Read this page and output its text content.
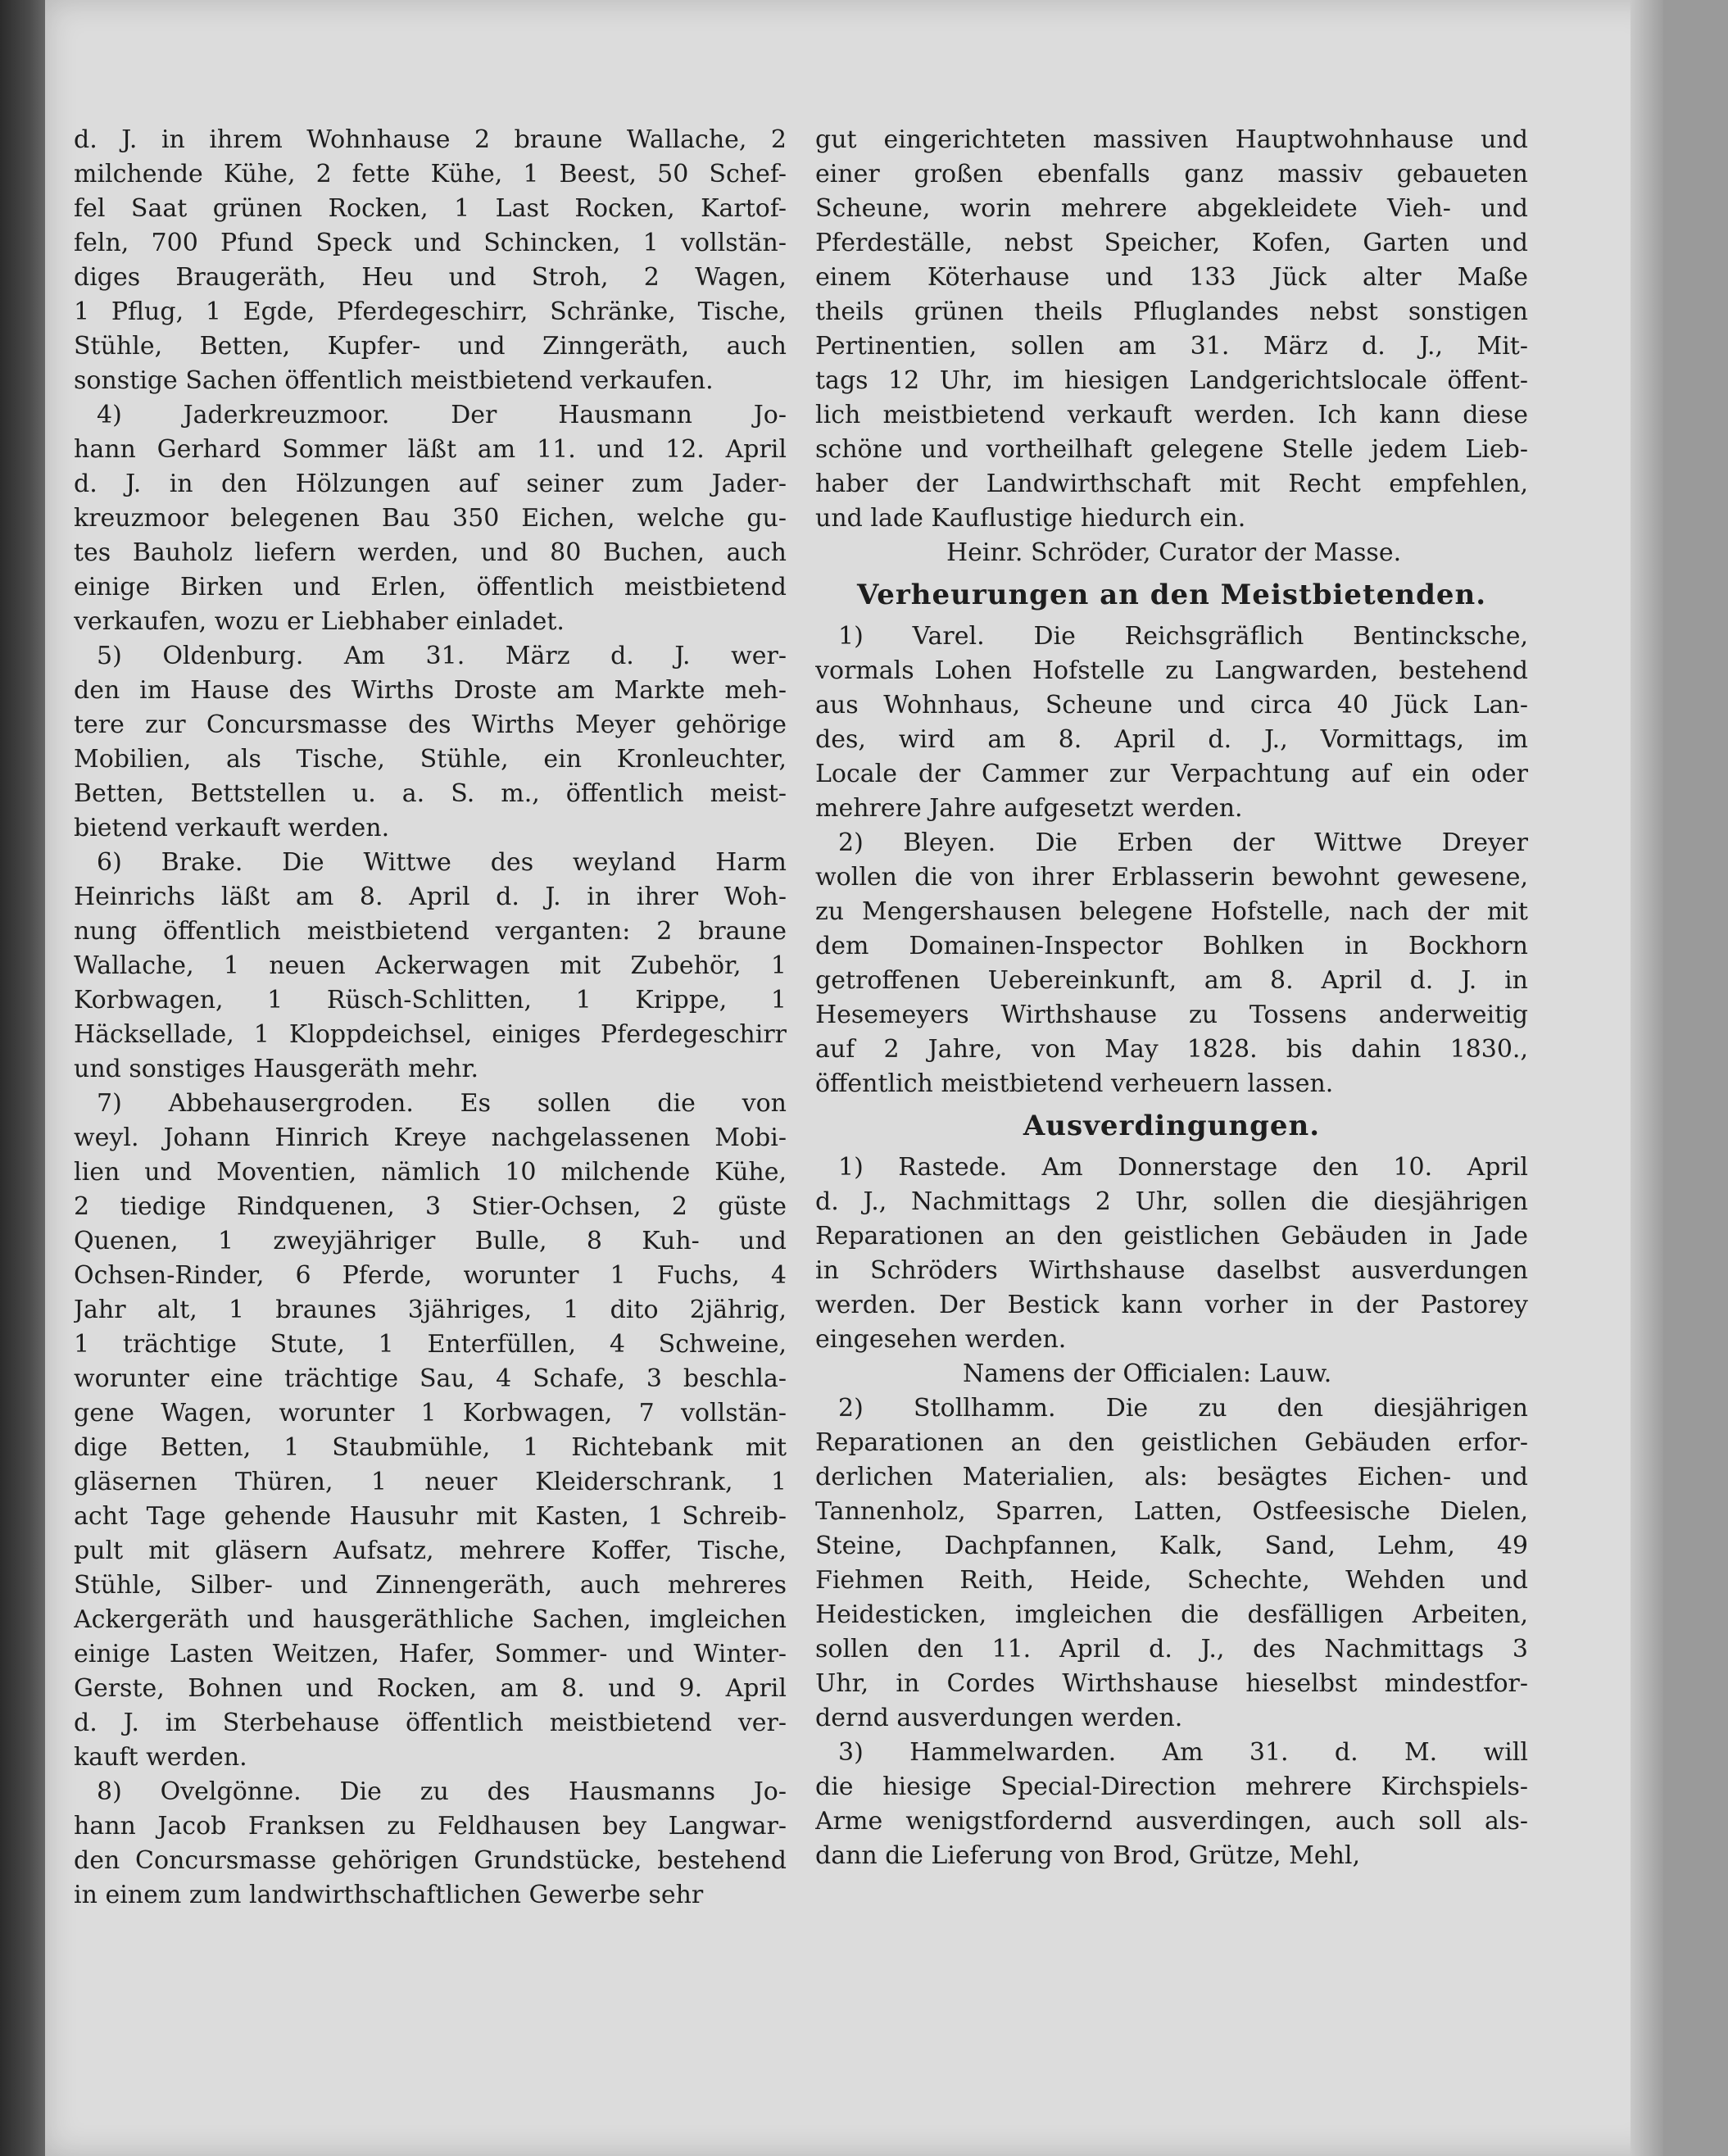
d. J. in ihrem Wohnhause 2 braune Wallache, 2
milchende Kühe, 2 fette Kühe, 1 Beest, 50 Schef-
fel Saat grünen Rocken, 1 Last Rocken, Kartof-
feln, 700 Pfund Speck und Schincken, 1 vollstän-
diges Braugeräth, Heu und Stroh, 2 Wagen,
1 Pflug, 1 Egde, Pferdegeschirr, Schränke, Tische,
Stühle, Betten, Kupfer- und Zinngeräth, auch
sonstige Sachen öffentlich meistbietend verkaufen.
4) Jaderkreuzmoor. Der Hausmann Jo-
hann Gerhard Sommer läßt am 11. und 12. April
d. J. in den Hölzungen auf seiner zum Jader-
kreuzmoor belegenen Bau 350 Eichen, welche gu-
tes Bauholz liefern werden, und 80 Buchen, auch
einige Birken und Erlen, öffentlich meistbietend
verkaufen, wozu er Liebhaber einladet.
5) Oldenburg. Am 31. März d. J. wer-
den im Hause des Wirths Droste am Markte meh-
tere zur Concursmasse des Wirths Meyer gehörige
Mobilien, als Tische, Stühle, ein Kronleuchter,
Betten, Bettstellen u. a. S. m., öffentlich meist-
bietend verkauft werden.
6) Brake. Die Wittwe des weyland Harm
Heinrichs läßt am 8. April d. J. in ihrer Woh-
nung öffentlich meistbietend verganten: 2 braune
Wallache, 1 neuen Ackerwagen mit Zubehör, 1
Korbwagen, 1 Rüsch-Schlitten, 1 Krippe, 1
Häcksellade, 1 Kloppdeichsel, einiges Pferdegeschirr
und sonstiges Hausgeräth mehr.
7) Abbehausergroden. Es sollen die von
weyl. Johann Hinrich Kreye nachgelassenen Mobi-
lien und Moventien, nämlich 10 milchende Kühe,
2 tiedige Rindquenen, 3 Stier-Ochsen, 2 güste
Quenen, 1 zweyjähriger Bulle, 8 Kuh- und
Ochsen-Rinder, 6 Pferde, worunter 1 Fuchs, 4
Jahr alt, 1 braunes 3jähriges, 1 dito 2jährig,
1 trächtige Stute, 1 Enterfüllen, 4 Schweine,
worunter eine trächtige Sau, 4 Schafe, 3 beschla-
gene Wagen, worunter 1 Korbwagen, 7 vollstän-
dige Betten, 1 Staubmühle, 1 Richtebank mit
gläsernen Thüren, 1 neuer Kleiderschrank, 1
acht Tage gehende Hausuhr mit Kasten, 1 Schreib-
pult mit gläsern Aufsatz, mehrere Koffer, Tische,
Stühle, Silber- und Zinnengeräth, auch mehreres
Ackergeräth und hausgeräthliche Sachen, imgleichen
einige Lasten Weitzen, Hafer, Sommer- und Winter-
Gerste, Bohnen und Rocken, am 8. und 9. April
d. J. im Sterbehause öffentlich meistbietend ver-
kauft werden.
8) Ovelgönne. Die zu des Hausmanns Jo-
hann Jacob Franksen zu Feldhausen bey Langwar-
den Concursmasse gehörigen Grundstücke, bestehend
in einem zum landwirthschaftlichen Gewerbe sehr
gut eingerichteten massiven Hauptwohnhause und
einer großen ebenfalls ganz massiv gebaueten
Scheune, worin mehrere abgekleidete Vieh- und
Pferdeställe, nebst Speicher, Kofen, Garten und
einem Köterhause und 133 Jück alter Maße
theils grünen theils Pfluglandes nebst sonstigen
Pertinentien, sollen am 31. März d. J., Mit-
tags 12 Uhr, im hiesigen Landgerichtslocale öffent-
lich meistbietend verkauft werden. Ich kann diese
schöne und vortheilhaft gelegene Stelle jedem Lieb-
haber der Landwirthschaft mit Recht empfehlen,
und lade Kauflustige hiedurch ein.
Heinr. Schröder, Curator der Masse.
Verheurungen an den Meistbietenden.
1) Varel. Die Reichsgräflich Bentincksche,
vormals Lohen Hofstelle zu Langwarden, bestehend
aus Wohnhaus, Scheune und circa 40 Jück Lan-
des, wird am 8. April d. J., Vormittags, im
Locale der Cammer zur Verpachtung auf ein oder
mehrere Jahre aufgesetzt werden.
2) Bleyen. Die Erben der Wittwe Dreyer
wollen die von ihrer Erblasserin bewohnt gewesene,
zu Mengershausen belegene Hofstelle, nach der mit
dem Domainen-Inspector Bohlken in Bockhorn
getroffenen Uebereinkunft, am 8. April d. J. in
Hesemeyers Wirthshause zu Tossens anderweitig
auf 2 Jahre, von May 1828. bis dahin 1830.,
öffentlich meistbietend verheuern lassen.
Ausverdingungen.
1) Rastede. Am Donnerstage den 10. April
d. J., Nachmittags 2 Uhr, sollen die diesjährigen
Reparationen an den geistlichen Gebäuden in Jade
in Schröders Wirthshause daselbst ausverdungen
werden. Der Bestick kann vorher in der Pastorey
eingesehen werden.
Namens der Officialen: Lauw.
2) Stollhamm. Die zu den diesjährigen
Reparationen an den geistlichen Gebäuden erfor-
derlichen Materialien, als: besägtes Eichen- und
Tannenholz, Sparren, Latten, Ostfeesische Dielen,
Steine, Dachpfannen, Kalk, Sand, Lehm, 49
Fiehmen Reith, Heide, Schechte, Wehden und
Heidesticken, imgleichen die desfälligen Arbeiten,
sollen den 11. April d. J., des Nachmittags 3
Uhr, in Cordes Wirthshause hieselbst mindestfor-
dernd ausverdungen werden.
3) Hammelwarden. Am 31. d. M. will
die hiesige Special-Direction mehrere Kirchspiels-
Arme wenigstfordernd ausverdingen, auch soll als-
dann die Lieferung von Brod, Grütze, Mehl,
